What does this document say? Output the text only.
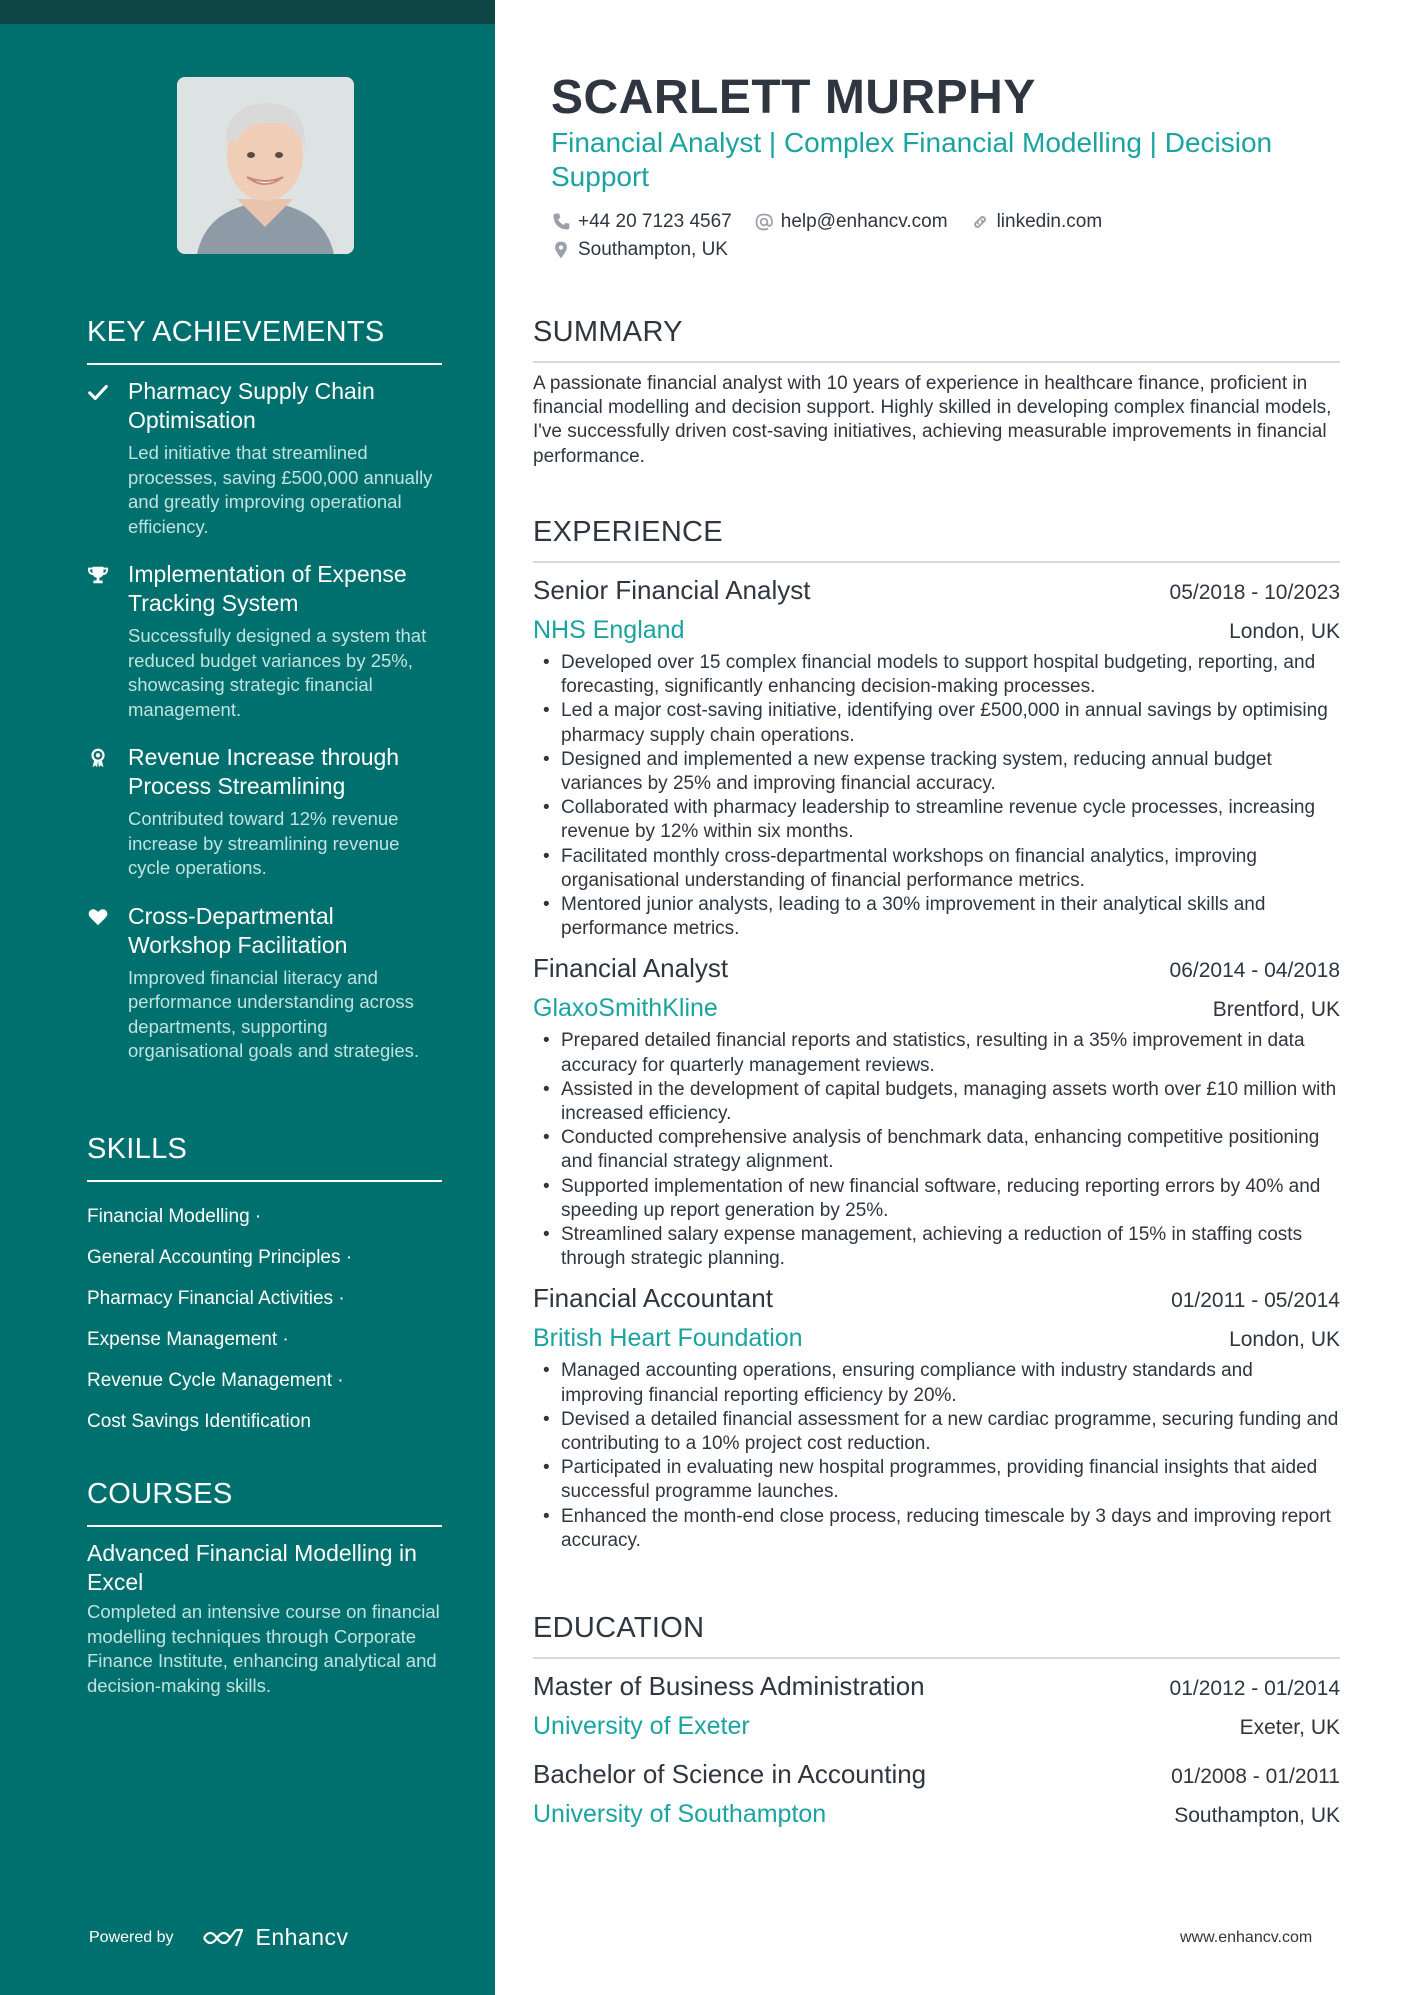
KEY ACHIEVEMENTS
Pharmacy Supply Chain Optimisation
Led initiative that streamlined processes, saving £500,000 annually and greatly improving operational efficiency.
Implementation of Expense Tracking System
Successfully designed a system that reduced budget variances by 25%, showcasing strategic financial management.
Revenue Increase through Process Streamlining
Contributed toward 12% revenue increase by streamlining revenue cycle operations.
Cross-Departmental Workshop Facilitation
Improved financial literacy and performance understanding across departments, supporting organisational goals and strategies.
SKILLS
Financial Modelling ·
General Accounting Principles ·
Pharmacy Financial Activities ·
Expense Management ·
Revenue Cycle Management ·
Cost Savings Identification
COURSES
Advanced Financial Modelling in Excel
Completed an intensive course on financial modelling techniques through Corporate Finance Institute, enhancing analytical and decision-making skills.
Powered by	Enhancv
SCARLETT MURPHY
Financial Analyst | Complex Financial Modelling | Decision Support
+44 20 7123 4567	help@enhancv.com	linkedin.com
Southampton, UK
SUMMARY
A passionate financial analyst with 10 years of experience in healthcare finance, proficient in financial modelling and decision support. Highly skilled in developing complex financial models, I've successfully driven cost-saving initiatives, achieving measurable improvements in financial performance.
EXPERIENCE
Senior Financial Analyst	05/2018 - 10/2023
NHS England	London, UK
• Developed over 15 complex financial models to support hospital budgeting, reporting, and forecasting, significantly enhancing decision-making processes.
• Led a major cost-saving initiative, identifying over £500,000 in annual savings by optimising pharmacy supply chain operations.
• Designed and implemented a new expense tracking system, reducing annual budget variances by 25% and improving financial accuracy.
• Collaborated with pharmacy leadership to streamline revenue cycle processes, increasing revenue by 12% within six months.
• Facilitated monthly cross-departmental workshops on financial analytics, improving organisational understanding of financial performance metrics.
• Mentored junior analysts, leading to a 30% improvement in their analytical skills and performance metrics.
Financial Analyst	06/2014 - 04/2018
GlaxoSmithKline	Brentford, UK
• Prepared detailed financial reports and statistics, resulting in a 35% improvement in data accuracy for quarterly management reviews.
• Assisted in the development of capital budgets, managing assets worth over £10 million with increased efficiency.
• Conducted comprehensive analysis of benchmark data, enhancing competitive positioning and financial strategy alignment.
• Supported implementation of new financial software, reducing reporting errors by 40% and speeding up report generation by 25%.
• Streamlined salary expense management, achieving a reduction of 15% in staffing costs through strategic planning.
Financial Accountant	01/2011 - 05/2014
British Heart Foundation	London, UK
• Managed accounting operations, ensuring compliance with industry standards and improving financial reporting efficiency by 20%.
• Devised a detailed financial assessment for a new cardiac programme, securing funding and contributing to a 10% project cost reduction.
• Participated in evaluating new hospital programmes, providing financial insights that aided successful programme launches.
• Enhanced the month-end close process, reducing timescale by 3 days and improving report accuracy.
EDUCATION
Master of Business Administration	01/2012 - 01/2014
University of Exeter	Exeter, UK
Bachelor of Science in Accounting	01/2008 - 01/2011
University of Southampton	Southampton, UK
www.enhancv.com
